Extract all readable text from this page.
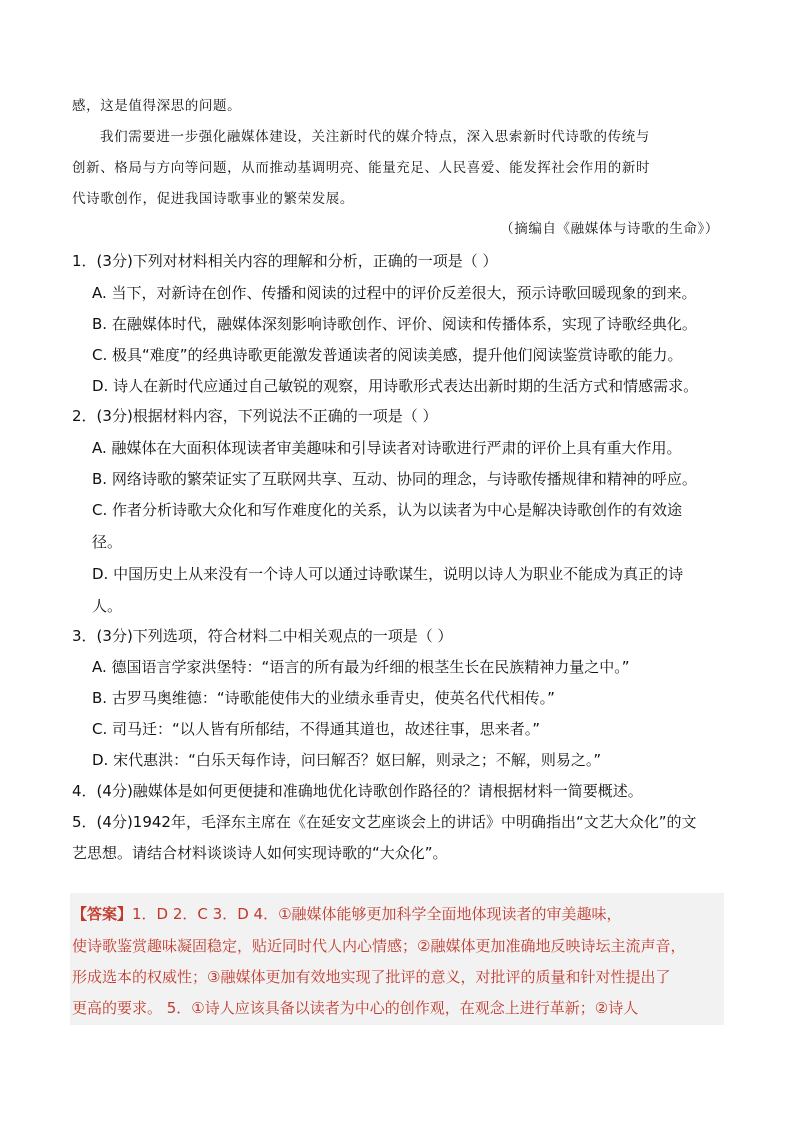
感，这是值得深思的问题。
我们需要进一步强化融媒体建设，关注新时代的媒介特点，深入思索新时代诗歌的传统与
创新、格局与方向等问题，从而推动基调明亮、能量充足、人民喜爱、能发挥社会作用的新时
代诗歌创作，促进我国诗歌事业的繁荣发展。
（摘编自《融媒体与诗歌的生命》）
1．(3分)下列对材料相关内容的理解和分析，正确的一项是（ ）
A. 当下，对新诗在创作、传播和阅读的过程中的评价反差很大，预示诗歌回暖现象的到来。
B. 在融媒体时代，融媒体深刻影响诗歌创作、评价、阅读和传播体系，实现了诗歌经典化。
C. 极具“难度”的经典诗歌更能激发普通读者的阅读美感，提升他们阅读鉴赏诗歌的能力。
D. 诗人在新时代应通过自己敏锐的观察，用诗歌形式表达出新时期的生活方式和情感需求。
2．(3分)根据材料内容，下列说法不正确的一项是（ ）
A. 融媒体在大面积体现读者审美趣味和引导读者对诗歌进行严肃的评价上具有重大作用。
B. 网络诗歌的繁荣证实了互联网共享、互动、协同的理念，与诗歌传播规律和精神的呼应。
C. 作者分析诗歌大众化和写作难度化的关系，认为以读者为中心是解决诗歌创作的有效途
径。
D. 中国历史上从来没有一个诗人可以通过诗歌谋生，说明以诗人为职业不能成为真正的诗
人。
3．(3分)下列选项，符合材料二中相关观点的一项是（ ）
A. 德国语言学家洪堡特：“语言的所有最为纤细的根茎生长在民族精神力量之中。”
B. 古罗马奥维德：“诗歌能使伟大的业绩永垂青史，使英名代代相传。”
C. 司马迁：“以人皆有所郁结，不得通其道也，故述往事，思来者。”
D. 宋代惠洪：“白乐天每作诗，问曰解否？妪曰解，则录之；不解，则易之。”
4．(4分)融媒体是如何更便捷和准确地优化诗歌创作路径的？请根据材料一简要概述。
5．(4分)1942年，毛泽东主席在《在延安文艺座谈会上的讲话》中明确指出“文艺大众化”的文
艺思想。请结合材料谈谈诗人如何实现诗歌的“大众化”。
【答案】1．D 2．C 3．D 4．①融媒体能够更加科学全面地体现读者的审美趣味，
使诗歌鉴赏趣味凝固稳定，贴近同时代人内心情感；②融媒体更加准确地反映诗坛主流声音，
形成选本的权威性；③融媒体更加有效地实现了批评的意义，对批评的质量和针对性提出了
更高的要求。 5．①诗人应该具备以读者为中心的创作观，在观念上进行革新；②诗人
